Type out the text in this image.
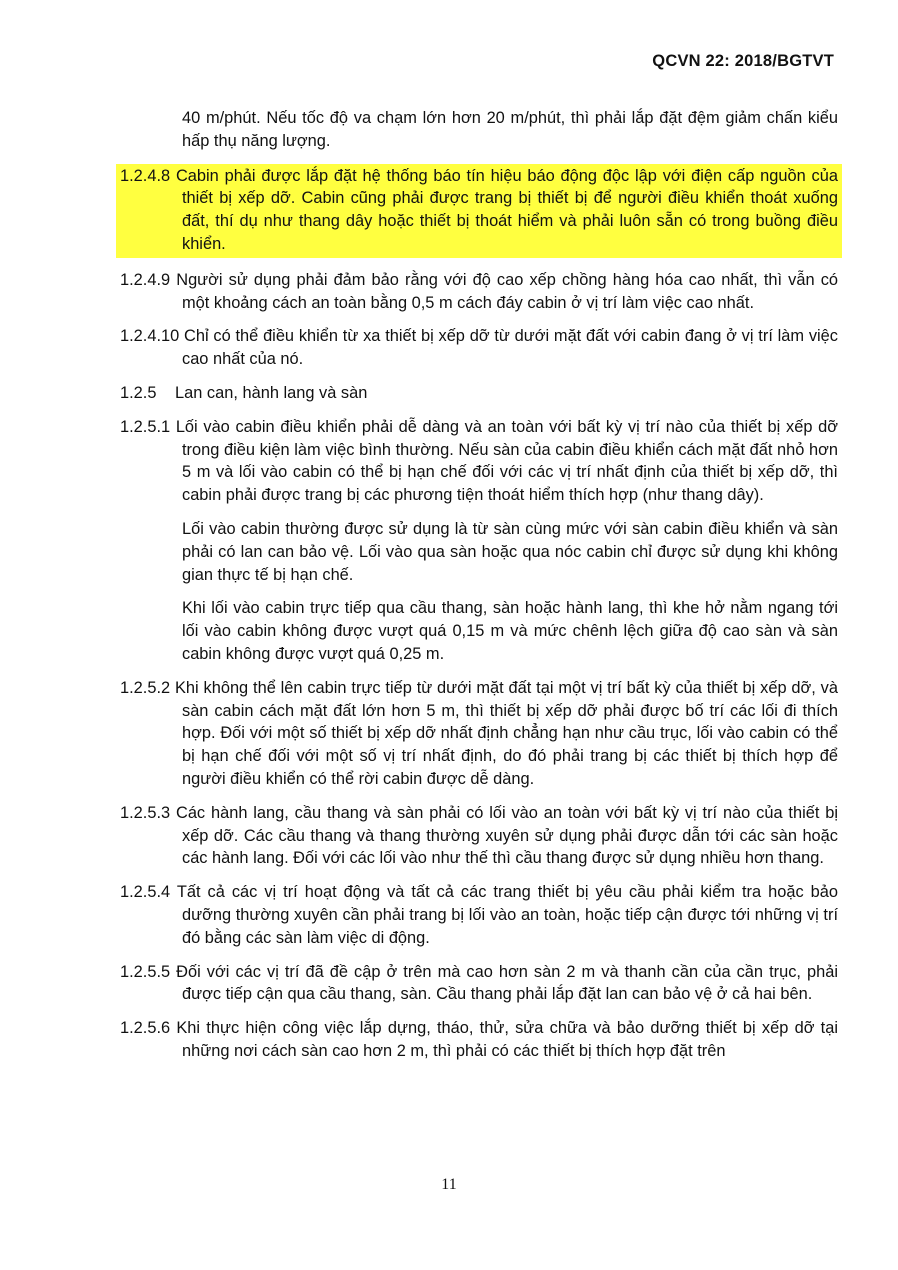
QCVN 22: 2018/BGTVT
40 m/phút. Nếu tốc độ va chạm lớn hơn 20 m/phút, thì phải lắp đặt đệm giảm chấn kiểu hấp thụ năng lượng.
1.2.4.8 Cabin phải được lắp đặt hệ thống báo tín hiệu báo động độc lập với điện cấp nguồn của thiết bị xếp dỡ. Cabin cũng phải được trang bị thiết bị để người điều khiển thoát xuống đất, thí dụ như thang dây hoặc thiết bị thoát hiểm và phải luôn sẵn có trong buồng điều khiển.
1.2.4.9 Người sử dụng phải đảm bảo rằng với độ cao xếp chồng hàng hóa cao nhất, thì vẫn có một khoảng cách an toàn bằng 0,5 m cách đáy cabin ở vị trí làm việc cao nhất.
1.2.4.10 Chỉ có thể điều khiển từ xa thiết bị xếp dỡ từ dưới mặt đất với cabin đang ở vị trí làm việc cao nhất của nó.
1.2.5 Lan can, hành lang và sàn
1.2.5.1 Lối vào cabin điều khiển phải dễ dàng và an toàn với bất kỳ vị trí nào của thiết bị xếp dỡ trong điều kiện làm việc bình thường. Nếu sàn của cabin điều khiển cách mặt đất nhỏ hơn 5 m và lối vào cabin có thể bị hạn chế đối với các vị trí nhất định của thiết bị xếp dỡ, thì cabin phải được trang bị các phương tiện thoát hiểm thích hợp (như thang dây).
Lối vào cabin thường được sử dụng là từ sàn cùng mức với sàn cabin điều khiển và sàn phải có lan can bảo vệ. Lối vào qua sàn hoặc qua nóc cabin chỉ được sử dụng khi không gian thực tế bị hạn chế.
Khi lối vào cabin trực tiếp qua cầu thang, sàn hoặc hành lang, thì khe hở nằm ngang tới lối vào cabin không được vượt quá 0,15 m và mức chênh lệch giữa độ cao sàn và sàn cabin không được vượt quá 0,25 m.
1.2.5.2 Khi không thể lên cabin trực tiếp từ dưới mặt đất tại một vị trí bất kỳ của thiết bị xếp dỡ, và sàn cabin cách mặt đất lớn hơn 5 m, thì thiết bị xếp dỡ phải được bố trí các lối đi thích hợp. Đối với một số thiết bị xếp dỡ nhất định chẳng hạn như cầu trục, lối vào cabin có thể bị hạn chế đối với một số vị trí nhất định, do đó phải trang bị các thiết bị thích hợp để người điều khiển có thể rời cabin được dễ dàng.
1.2.5.3 Các hành lang, cầu thang và sàn phải có lối vào an toàn với bất kỳ vị trí nào của thiết bị xếp dỡ. Các cầu thang và thang thường xuyên sử dụng phải được dẫn tới các sàn hoặc các hành lang. Đối với các lối vào như thế thì cầu thang được sử dụng nhiều hơn thang.
1.2.5.4 Tất cả các vị trí hoạt động và tất cả các trang thiết bị yêu cầu phải kiểm tra hoặc bảo dưỡng thường xuyên cần phải trang bị lối vào an toàn, hoặc tiếp cận được tới những vị trí đó bằng các sàn làm việc di động.
1.2.5.5 Đối với các vị trí đã đề cập ở trên mà cao hơn sàn 2 m và thanh cần của cần trục, phải được tiếp cận qua cầu thang, sàn. Cầu thang phải lắp đặt lan can bảo vệ ở cả hai bên.
1.2.5.6 Khi thực hiện công việc lắp dựng, tháo, thử, sửa chữa và bảo dưỡng thiết bị xếp dỡ tại những nơi cách sàn cao hơn 2 m, thì phải có các thiết bị thích hợp đặt trên
11
